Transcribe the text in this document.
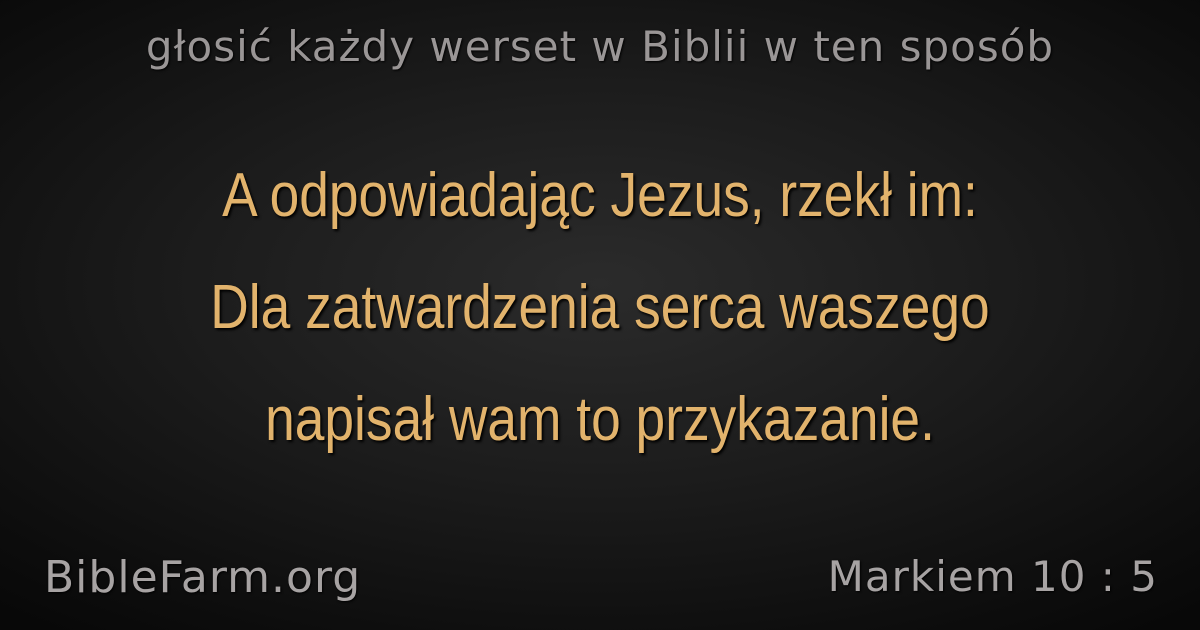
głosić każdy werset w Biblii w ten sposób
A odpowiadając Jezus, rzekł im:
Dla zatwardzenia serca waszego
napisał wam to przykazanie.
BibleFarm.org	Markiem 10 : 5
